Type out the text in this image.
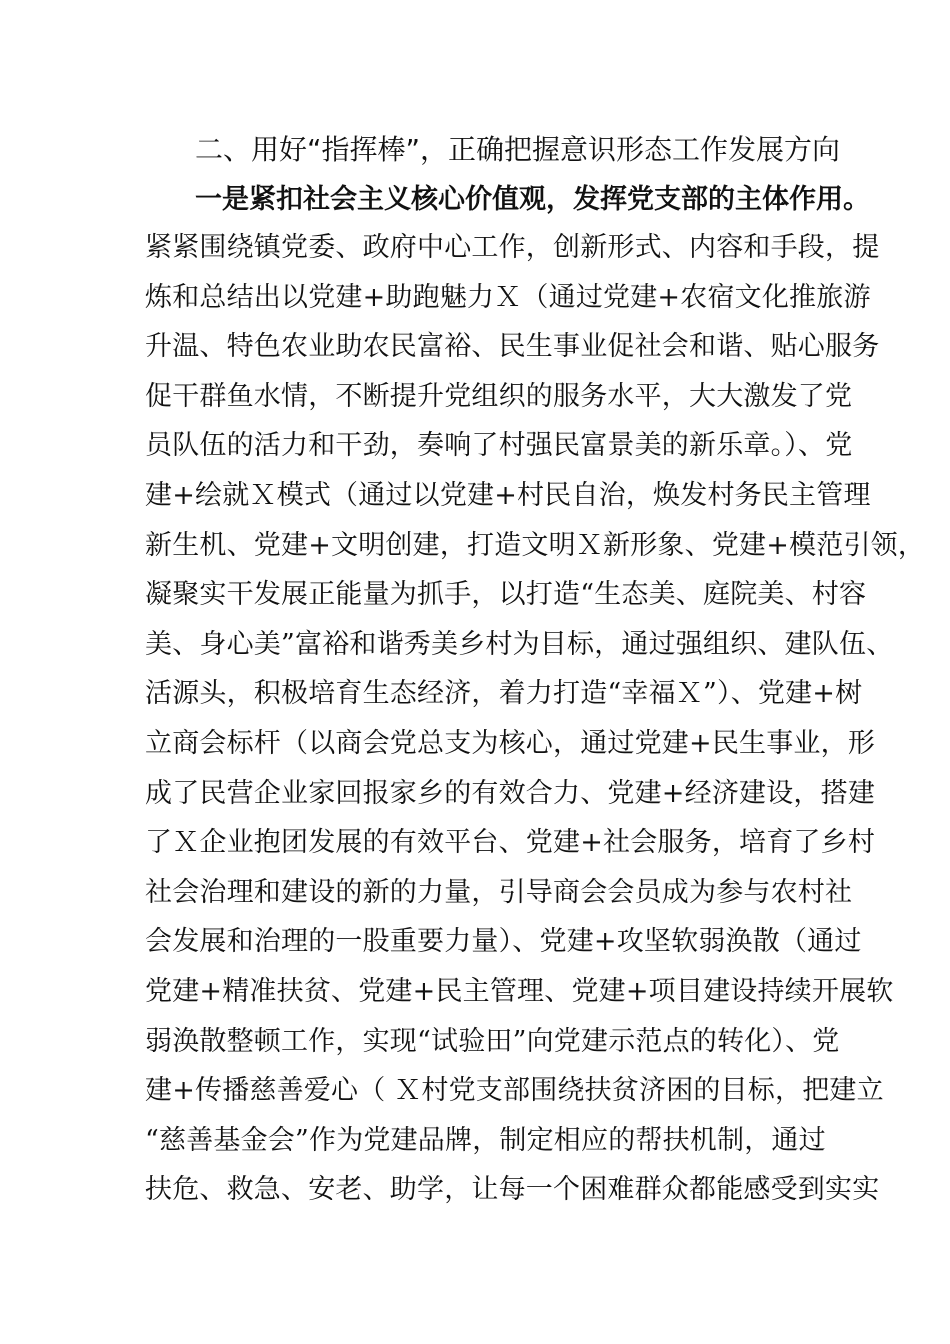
二、用好“指挥棒”，正确把握意识形态工作发展方向
一是紧扣社会主义核心价值观，发挥党支部的主体作用。
紧紧围绕镇党委、政府中心工作，创新形式、内容和手段，提
炼和总结出以党建+助跑魅力Ｘ（通过党建+农宿文化推旅游
升温、特色农业助农民富裕、民生事业促社会和谐、贴心服务
促干群鱼水情，不断提升党组织的服务水平，大大激发了党
员队伍的活力和干劲，奏响了村强民富景美的新乐章。）、党
建+绘就Ｘ模式（通过以党建+村民自治，焕发村务民主管理
新生机、党建+文明创建，打造文明Ｘ新形象、党建+模范引领，
凝聚实干发展正能量为抓手，以打造“生态美、庭院美、村容
美、身心美”富裕和谐秀美乡村为目标，通过强组织、建队伍、
活源头，积极培育生态经济，着力打造“幸福Ｘ”）、党建+树
立商会标杆（以商会党总支为核心，通过党建+民生事业，形
成了民营企业家回报家乡的有效合力、党建+经济建设，搭建
了Ｘ企业抱团发展的有效平台、党建+社会服务，培育了乡村
社会治理和建设的新的力量，引导商会会员成为参与农村社
会发展和治理的一股重要力量）、党建+攻坚软弱涣散（通过
党建+精准扶贫、党建+民主管理、党建+项目建设持续开展软
弱涣散整顿工作，实现“试验田”向党建示范点的转化）、党
建+传播慈善爱心（ Ｘ村党支部围绕扶贫济困的目标，把建立
“慈善基金会”作为党建品牌，制定相应的帮扶机制，通过
扶危、救急、安老、助学，让每一个困难群众都能感受到实实
